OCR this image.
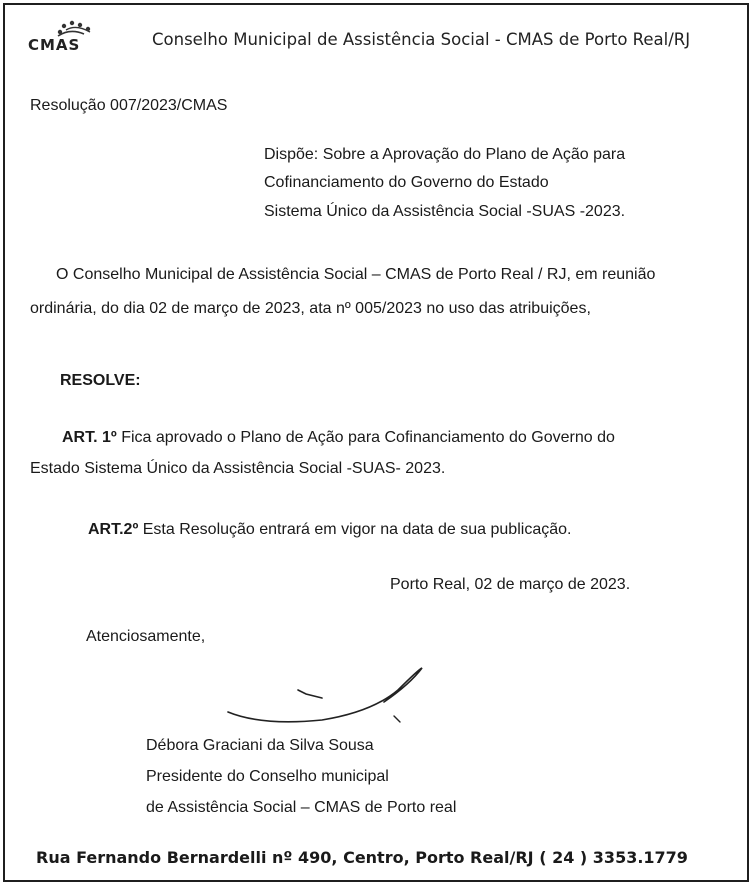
CMAS	Conselho Municipal de Assistência Social - CMAS de Porto Real/RJ
Resolução 007/2023/CMAS
Dispõe: Sobre a Aprovação do Plano de Ação para
Cofinanciamento do Governo do Estado
Sistema Único da Assistência Social -SUAS -2023.
O Conselho Municipal de Assistência Social – CMAS de Porto Real / RJ, em reunião
ordinária, do dia 02 de março de 2023, ata nº 005/2023 no uso das atribuições,
RESOLVE:
ART. 1º Fica aprovado o Plano de Ação para Cofinanciamento do Governo do
Estado Sistema Único da Assistência Social -SUAS- 2023.
ART.2º Esta Resolução entrará em vigor na data de sua publicação.
Porto Real, 02 de março de 2023.
Atenciosamente,
Débora Graciani da Silva Sousa
Presidente do Conselho municipal
de Assistência Social – CMAS de Porto real
Rua Fernando Bernardelli nº 490, Centro, Porto Real/RJ ( 24 ) 3353.1779
